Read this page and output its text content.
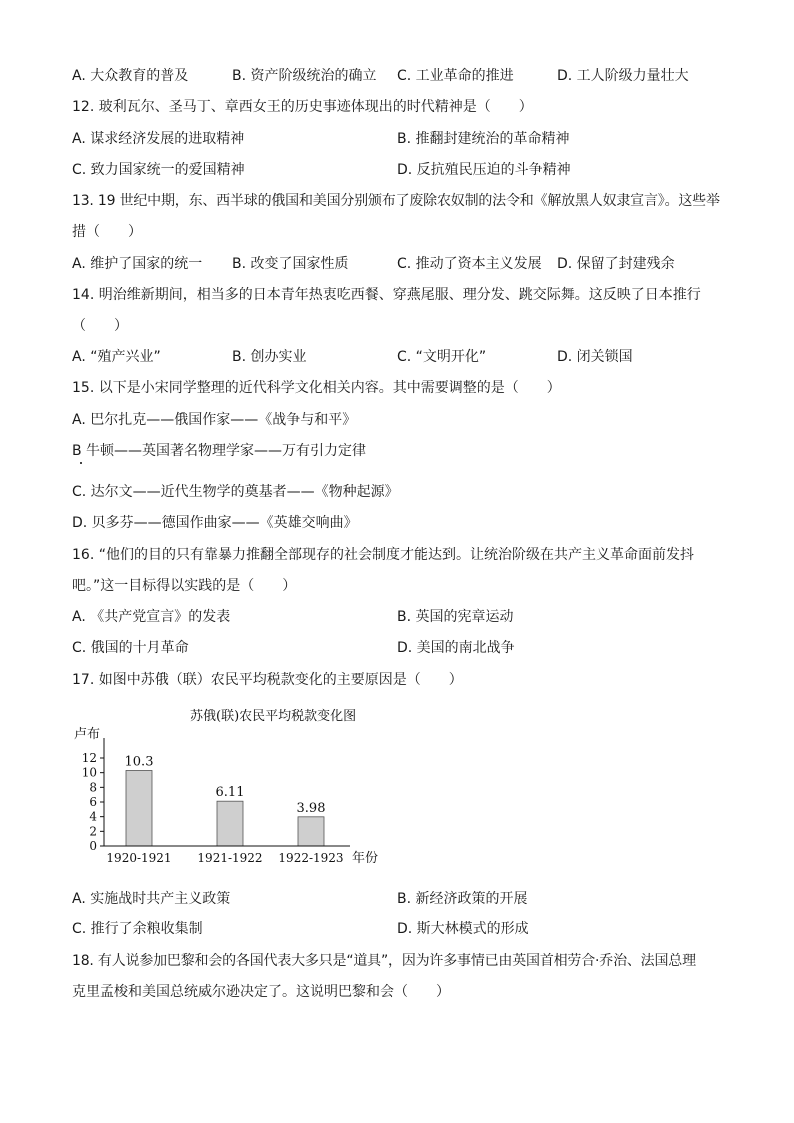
A. 大众教育的普及	B. 资产阶级统治的确立 C. 工业革命的推进	D. 工人阶级力量壮大
12. 玻利瓦尔、圣马丁、章西女王的历史事迹体现出的时代精神是（　　）
A. 谋求经济发展的进取精神	B. 推翻封建统治的革命精神
C. 致力国家统一的爱国精神	D. 反抗殖民压迫的斗争精神
13. 19 世纪中期，东、西半球的俄国和美国分别颁布了废除农奴制的法令和《解放黑人奴隶宣言》。这些举
措（　　）
A. 维护了国家的统一 B. 改变了国家性质	C. 推动了资本主义发展 D. 保留了封建残余
14. 明治维新期间，相当多的日本青年热衷吃西餐、穿燕尾服、理分发、跳交际舞。这反映了日本推行
（　　）
A. “殖产兴业”	B. 创办实业	C. “文明开化”	D. 闭关锁国
15. 以下是小宋同学整理的近代科学文化相关内容。其中需要调整的是（　　）
A. 巴尔扎克——俄国作家——《战争与和平》
B 牛顿——英国著名物理学家——万有引力定律
C. 达尔文——近代生物学的奠基者——《物种起源》
D. 贝多芬——德国作曲家——《英雄交响曲》
16. “他们的目的只有靠暴力推翻全部现存的社会制度才能达到。让统治阶级在共产主义革命面前发抖
吧。”这一目标得以实践的是（　　）
A. 《共产党宣言》的发表	B. 英国的宪章运动
C. 俄国的十月革命	D. 美国的南北战争
17. 如图中苏俄（联）农民平均税款变化的主要原因是（　　）
苏俄(联)农民平均税款变化图
卢布
年份
0
2
4
6
8
10
12 10.3
6.11
3.98
1920-1921 1921-1922 1922-1923
A. 实施战时共产主义政策	B. 新经济政策的开展
C. 推行了余粮收集制	D. 斯大林模式的形成
18. 有人说参加巴黎和会的各国代表大多只是“道具”，因为许多事情已由英国首相劳合·乔治、法国总理
克里孟梭和美国总统威尔逊决定了。这说明巴黎和会（　　）
